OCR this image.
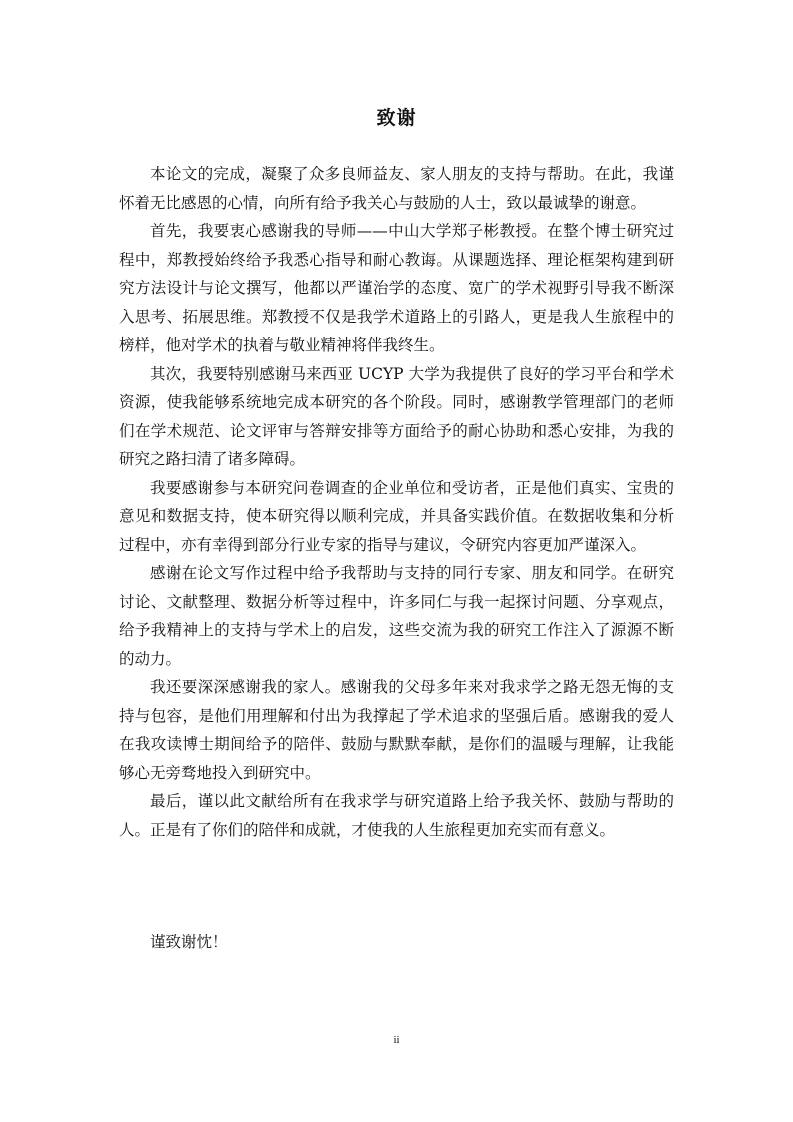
致谢

本论文的完成，凝聚了众多良师益友、家人朋友的支持与帮助。在此，我谨怀着无比感恩的心情，向所有给予我关心与鼓励的人士，致以最诚挚的谢意。

首先，我要衷心感谢我的导师——中山大学郑子彬教授。在整个博士研究过程中，郑教授始终给予我悉心指导和耐心教诲。从课题选择、理论框架构建到研究方法设计与论文撰写，他都以严谨治学的态度、宽广的学术视野引导我不断深入思考、拓展思维。郑教授不仅是我学术道路上的引路人，更是我人生旅程中的榜样，他对学术的执着与敬业精神将伴我终生。

其次，我要特别感谢马来西亚 UCYP 大学为我提供了良好的学习平台和学术资源，使我能够系统地完成本研究的各个阶段。同时，感谢教学管理部门的老师们在学术规范、论文评审与答辩安排等方面给予的耐心协助和悉心安排，为我的研究之路扫清了诸多障碍。

我要感谢参与本研究问卷调查的企业单位和受访者，正是他们真实、宝贵的意见和数据支持，使本研究得以顺利完成，并具备实践价值。在数据收集和分析过程中，亦有幸得到部分行业专家的指导与建议，令研究内容更加严谨深入。

感谢在论文写作过程中给予我帮助与支持的同行专家、朋友和同学。在研究讨论、文献整理、数据分析等过程中，许多同仁与我一起探讨问题、分享观点，给予我精神上的支持与学术上的启发，这些交流为我的研究工作注入了源源不断的动力。

我还要深深感谢我的家人。感谢我的父母多年来对我求学之路无怨无悔的支持与包容，是他们用理解和付出为我撑起了学术追求的坚强后盾。感谢我的爱人在我攻读博士期间给予的陪伴、鼓励与默默奉献，是你们的温暖与理解，让我能够心无旁骛地投入到研究中。

最后，谨以此文献给所有在我求学与研究道路上给予我关怀、鼓励与帮助的人。正是有了你们的陪伴和成就，才使我的人生旅程更加充实而有意义。

谨致谢忱！

ii
